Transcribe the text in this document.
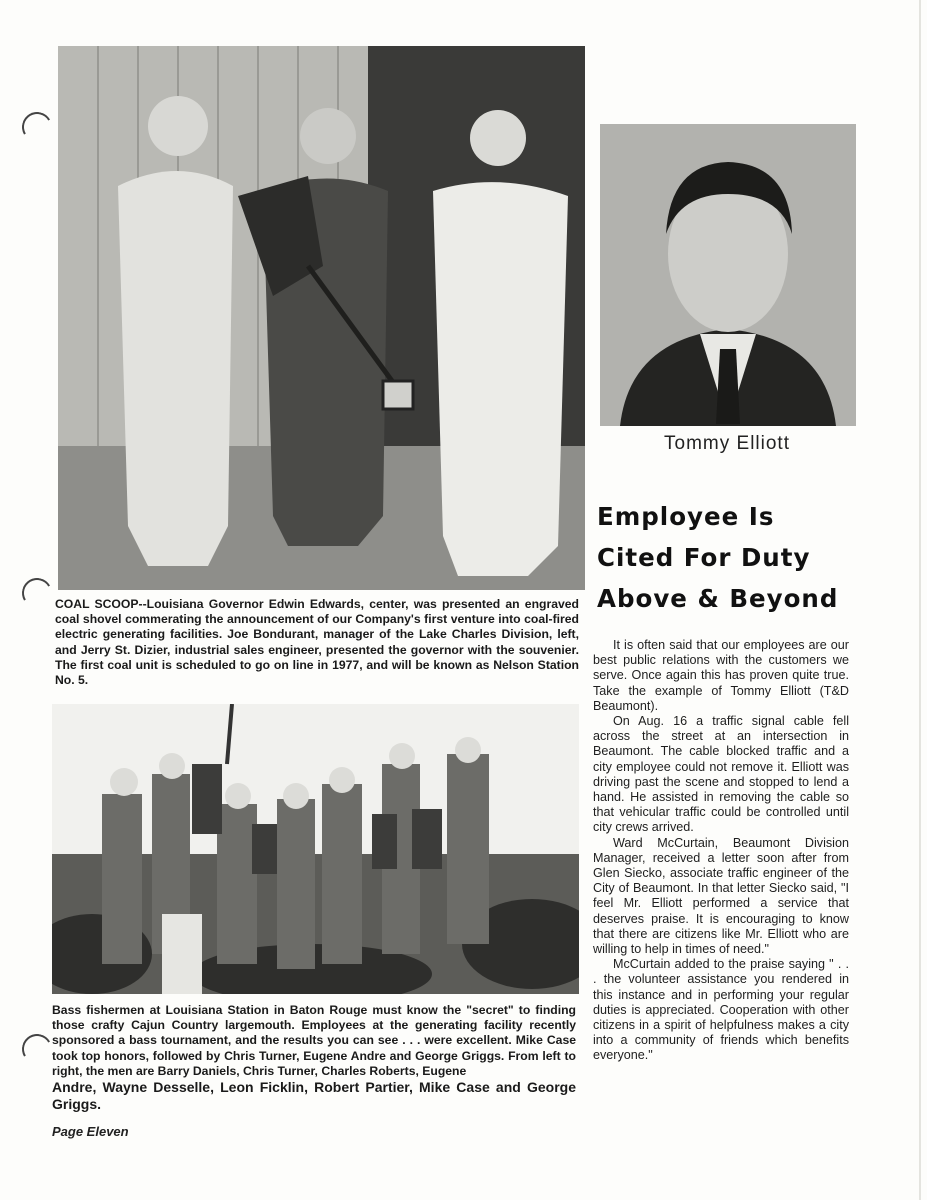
COAL SCOOP--Louisiana Governor Edwin Edwards, center, was presented an engraved coal shovel commerating the announcement of our Company's first venture into coal-fired electric generating facilities. Joe Bondurant, manager of the Lake Charles Division, left, and Jerry St. Dizier, industrial sales engineer, presented the governor with the souvenier. The first coal unit is scheduled to go on line in 1977, and will be known as Nelson Station No. 5.
Bass fishermen at Louisiana Station in Baton Rouge must know the "secret" to finding those crafty Cajun Country largemouth. Employees at the generating facility recently sponsored a bass tournament, and the results you can see . . . were excellent. Mike Case took top honors, followed by Chris Turner, Eugene Andre and George Griggs. From left to right, the men are Barry Daniels, Chris Turner, Charles Roberts, Eugene
Andre, Wayne Desselle, Leon Ficklin, Robert Partier, Mike Case and George Griggs.
Tommy Elliott
Employee Is
Cited For Duty
Above & Beyond

It is often said that our employees are our best public relations with the customers we serve. Once again this has proven quite true. Take the example of Tommy Elliott (T&D Beaumont).

On Aug. 16 a traffic signal cable fell across the street at an intersection in Beaumont. The cable blocked traffic and a city employee could not remove it. Elliott was driving past the scene and stopped to lend a hand. He assisted in removing the cable so that vehicular traffic could be controlled until city crews arrived.

Ward McCurtain, Beaumont Division Manager, received a letter soon after from Glen Siecko, associate traffic engineer of the City of Beaumont. In that letter Siecko said, "I feel Mr. Elliott performed a service that deserves praise. It is encouraging to know that there are citizens like Mr. Elliott who are willing to help in times of need."

McCurtain added to the praise saying " . . . the volunteer assistance you rendered in this instance and in performing your regular duties is appreciated. Cooperation with other citizens in a spirit of helpfulness makes a city into a community of friends which benefits everyone."

Page Eleven
